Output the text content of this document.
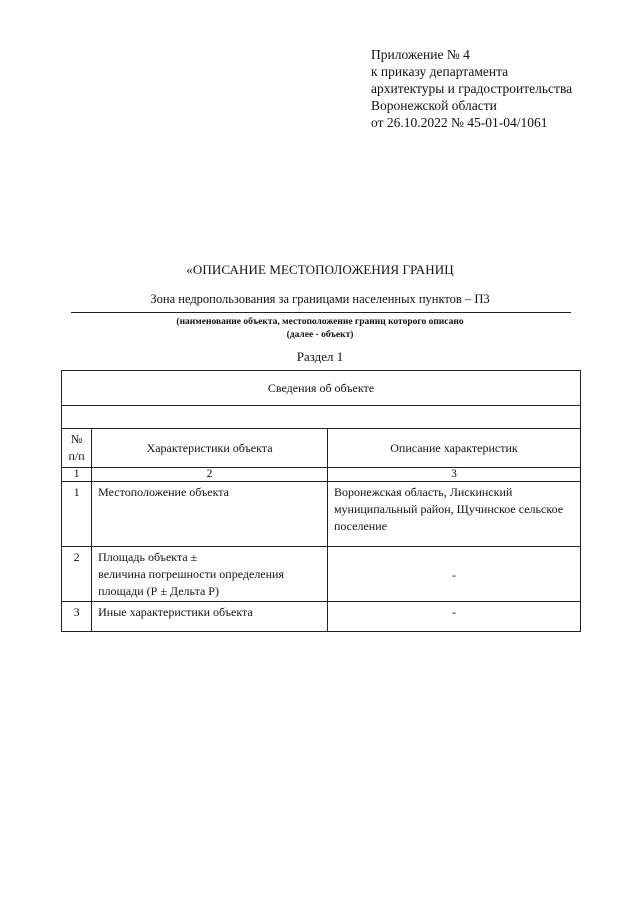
Приложение № 4
к приказу департамента
архитектуры и градостроительства
Воронежской области
от 26.10.2022 № 45-01-04/1061
«ОПИСАНИЕ МЕСТОПОЛОЖЕНИЯ ГРАНИЦ
Зона недропользования за границами населенных пунктов – П3
(наименование объекта, местоположение границ которого описано
(далее - объект)
Раздел 1
Сведения об объекте		

№ п/п	Характеристики объекта	Описание характеристик
1	2	3
1	Местоположение объекта	Воронежская область, Лискинский муниципальный район, Щучинское сельское поселение
2	Площадь объекта ±
величина погрешности определения
площади (Р ± Дельта Р)	-
3	Иные характеристики объекта	-
